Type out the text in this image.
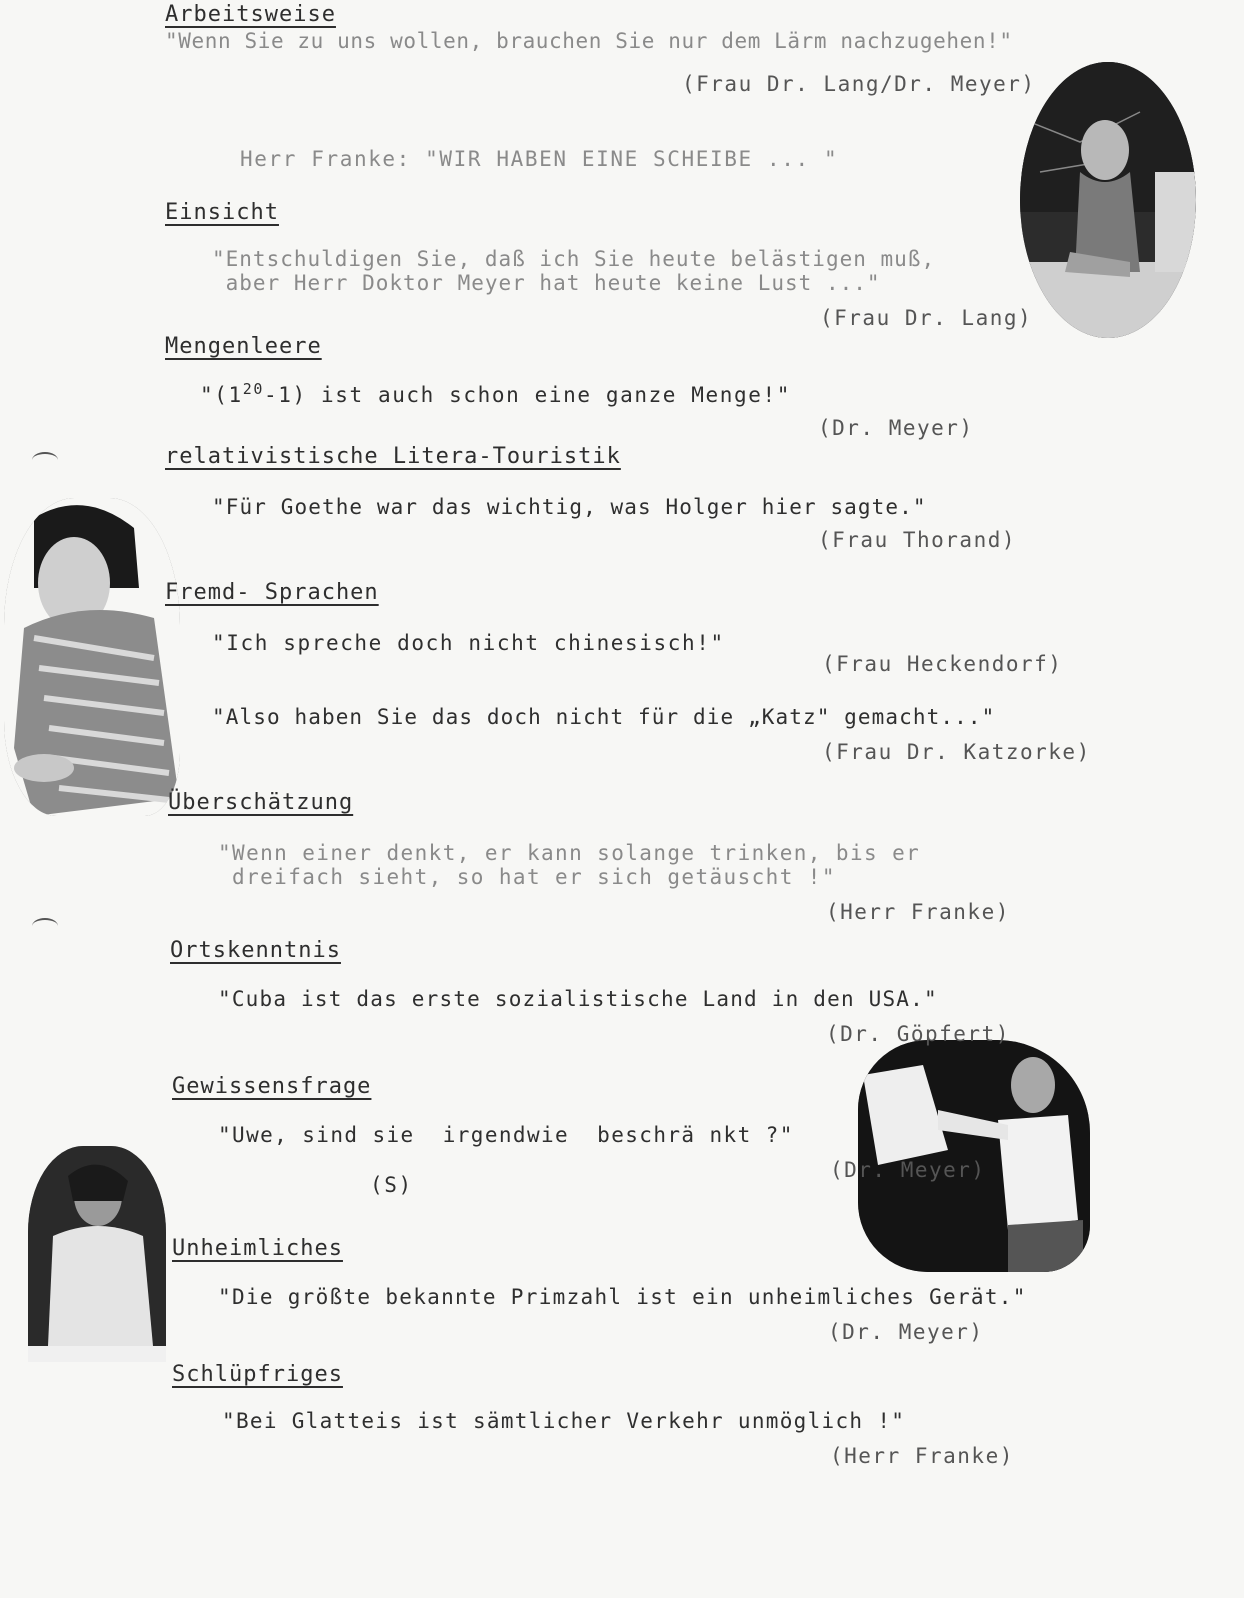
Arbeitsweise
"Wenn Sie zu uns wollen, brauchen Sie nur dem Lärm nachzugehen!"
(Frau Dr. Lang/Dr. Meyer)
Herr Franke: "WIR HABEN EINE SCHEIBE ... "
Einsicht
"Entschuldigen Sie, daß ich Sie heute belästigen muß,
aber Herr Doktor Meyer hat heute keine Lust ..."
(Frau Dr. Lang)
Mengenleere
"$(1^{20}-1)$ ist auch schon eine ganze Menge!"
(Dr. Meyer)
relativistische Litera-Touristik
"Für Goethe war das wichtig, was Holger hier sagte."
(Frau Thorand)
Fremd- Sprachen
"Ich spreche doch nicht chinesisch!"
(Frau Heckendorf)
"Also haben Sie das doch nicht für die „Katz" gemacht..."
(Frau Dr. Katzorke)
Überschätzung
"Wenn einer denkt, er kann solange trinken, bis er
dreifach sieht, so hat er sich getäuscht !"
(Herr Franke)
Ortskenntnis
"Cuba ist das erste sozialistische Land in den USA."
(Dr. Göpfert)
Gewissensfrage
"Uwe, sind sie  irgendwie  beschrä nkt ?"
(S)
(Dr. Meyer)
Unheimliches
"Die größte bekannte Primzahl ist ein unheimliches Gerät."
(Dr. Meyer)
Schlüpfriges
"Bei Glatteis ist sämtlicher Verkehr unmöglich !"
(Herr Franke)
